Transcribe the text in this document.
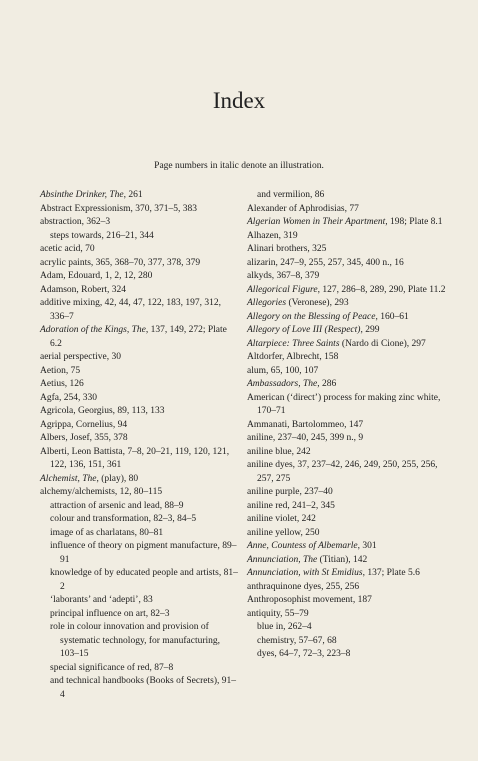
Index
Page numbers in italic denote an illustration.

Absinthe Drinker, The, 261

Abstract Expressionism, 370, 371–5, 383

abstraction, 362–3

steps towards, 216–21, 344

acetic acid, 70

acrylic paints, 365, 368–70, 377, 378, 379

Adam, Edouard, 1, 2, 12, 280

Adamson, Robert, 324

additive mixing, 42, 44, 47, 122, 183, 197, 312, 336–7

Adoration of the Kings, The, 137, 149, 272; Plate 6.2

aerial perspective, 30

Aetion, 75

Aetius, 126

Agfa, 254, 330

Agricola, Georgius, 89, 113, 133

Agrippa, Cornelius, 94

Albers, Josef, 355, 378

Alberti, Leon Battista, 7–8, 20–21, 119, 120, 121, 122, 136, 151, 361

Alchemist, The, (play), 80

alchemy/alchemists, 12, 80–115

attraction of arsenic and lead, 88–9

colour and transformation, 82–3, 84–5

image of as charlatans, 80–81

influence of theory on pigment manufacture, 89–91

knowledge of by educated people and artists, 81–2

‘laborants’ and ‘adepti’, 83

principal influence on art, 82–3

role in colour innovation and provision of systematic technology, for manufacturing, 103–15

special significance of red, 87–8

and technical handbooks (Books of Secrets), 91–4

and vermilion, 86

Alexander of Aphrodisias, 77

Algerian Women in Their Apartment, 198; Plate 8.1

Alhazen, 319

Alinari brothers, 325

alizarin, 247–9, 255, 257, 345, 400 n., 16

alkyds, 367–8, 379

Allegorical Figure, 127, 286–8, 289, 290, Plate 11.2

Allegories (Veronese), 293

Allegory on the Blessing of Peace, 160–61

Allegory of Love III (Respect), 299

Altarpiece: Three Saints (Nardo di Cione), 297

Altdorfer, Albrecht, 158

alum, 65, 100, 107

Ambassadors, The, 286

American (‘direct’) process for making zinc white, 170–71

Ammanati, Bartolommeo, 147

aniline, 237–40, 245, 399 n., 9

aniline blue, 242

aniline dyes, 37, 237–42, 246, 249, 250, 255, 256, 257, 275

aniline purple, 237–40

aniline red, 241–2, 345

aniline violet, 242

aniline yellow, 250

Anne, Countess of Albemarle, 301

Annunciation, The (Titian), 142

Annunciation, with St Emidius, 137; Plate 5.6

anthraquinone dyes, 255, 256

Anthroposophist movement, 187

antiquity, 55–79

blue in, 262–4

chemistry, 57–67, 68

dyes, 64–7, 72–3, 223–8
